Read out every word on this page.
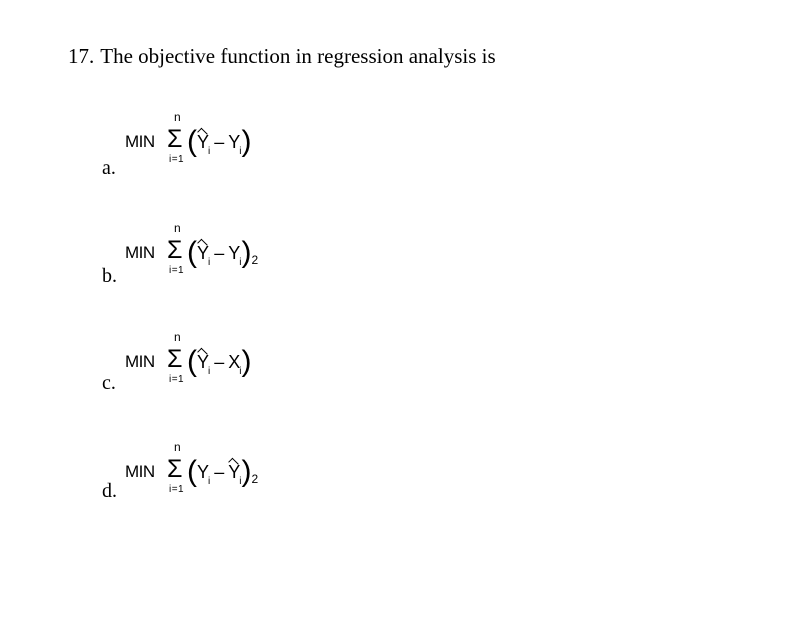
17. The objective function in regression analysis is
a.
MIN
n
Σ
i=1
$(Y_i - Y_i)$
b.
MIN
n
Σ
i=1
$(Y_i - Y_i)$ 2
c.
MIN
n
Σ
i=1
$(Y_i - X_i)$
d.
MIN
n
Σ
i=1
$(Y_i - Y_i)$ 2
